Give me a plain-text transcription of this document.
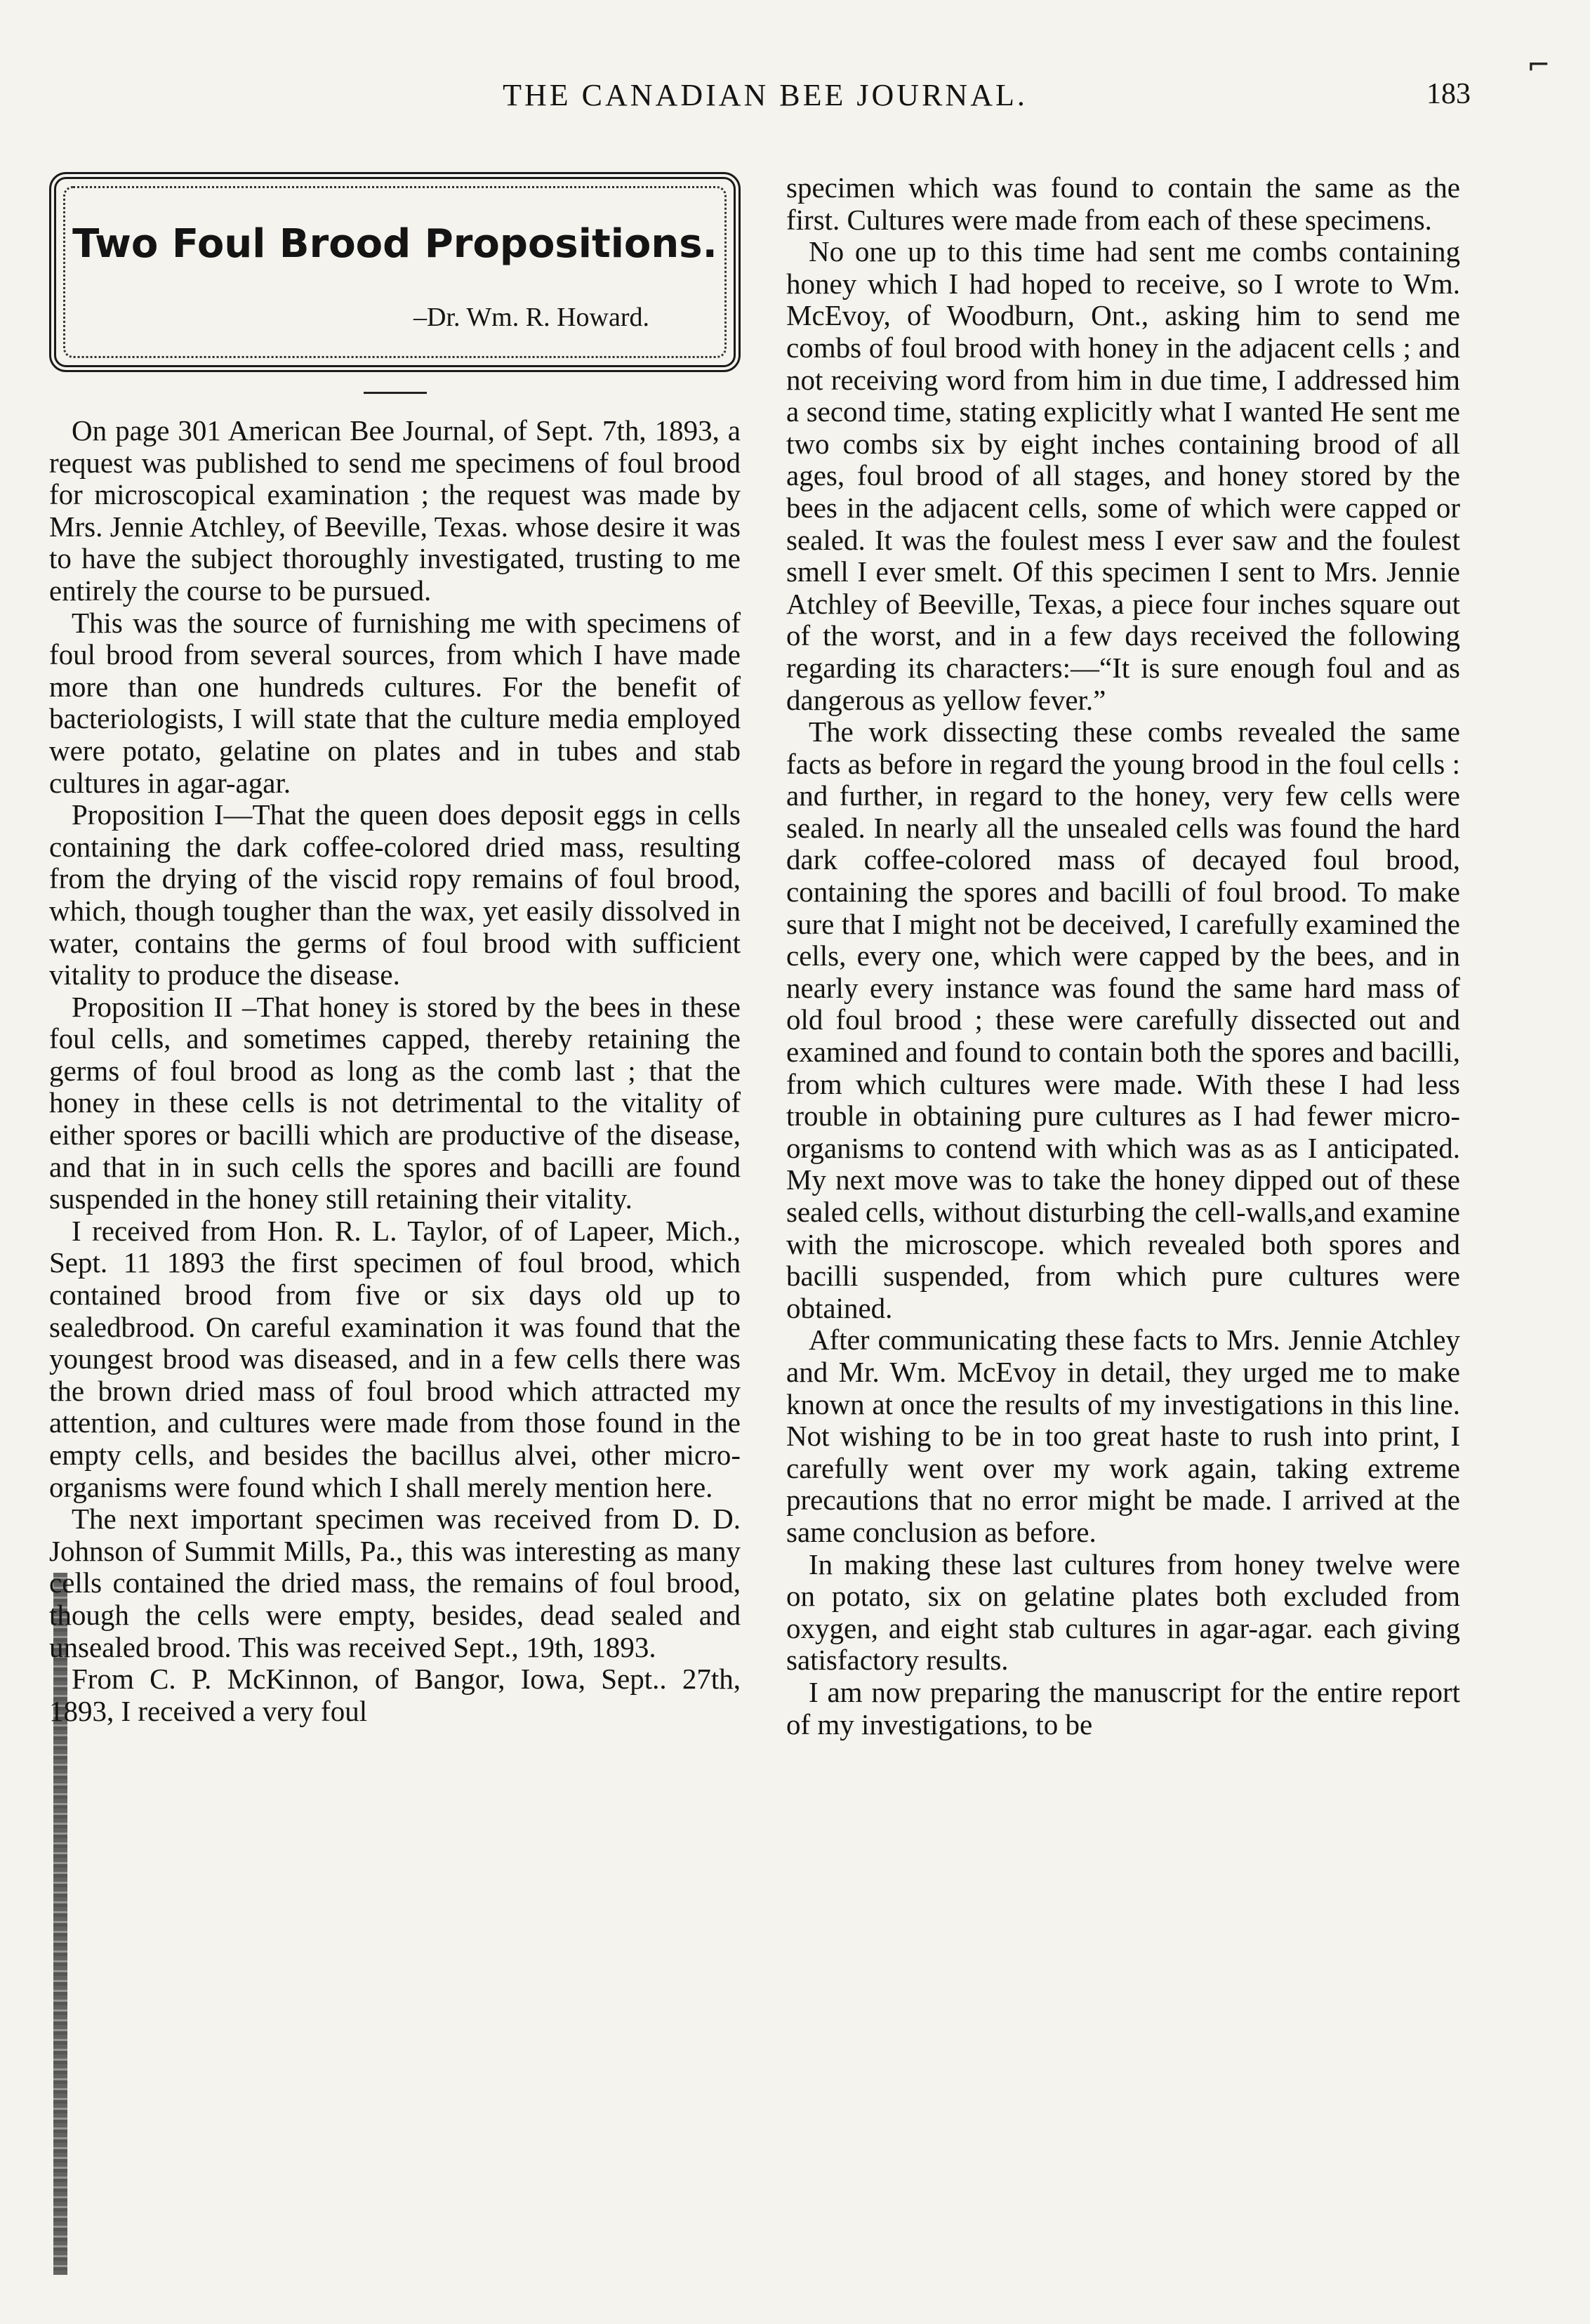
THE CANADIAN BEE JOURNAL.	183
⌐
Two Foul Brood Propositions.
–Dr. Wm. R. Howard.

On page 301 American Bee Journal, of Sept. 7th, 1893, a request was published to send me specimens of foul brood for microscopical examination ; the request was made by Mrs. Jennie Atchley, of Beeville, Texas. whose desire it was to have the subject thoroughly investigated, trusting to me entirely the course to be pursued.

This was the source of furnishing me with specimens of foul brood from several sources, from which I have made more than one hundreds cultures. For the benefit of bacteriologists, I will state that the culture media employed were potato, gelatine on plates and in tubes and stab cultures in agar-agar.

Proposition I—That the queen does deposit eggs in cells containing the dark coffee-colored dried mass, resulting from the drying of the viscid ropy remains of foul brood, which, though tougher than the wax, yet easily dissolved in water, contains the germs of foul brood with sufficient vitality to produce the disease.

Proposition II –That honey is stored by the bees in these foul cells, and sometimes capped, thereby retaining the germs of foul brood as long as the comb last ; that the honey in these cells is not detrimental to the vitality of either spores or bacilli which are productive of the disease, and that in in such cells the spores and bacilli are found suspended in the honey still retaining their vitality.

I received from Hon. R. L. Taylor, of of Lapeer, Mich., Sept. 11 1893 the first specimen of foul brood, which contained brood from five or six days old up to sealedbrood. On careful examination it was found that the youngest brood was diseased, and in a few cells there was the brown dried mass of foul brood which attracted my attention, and cultures were made from those found in the empty cells, and besides the bacillus alvei, other micro-organisms were found which I shall merely mention here.

The next important specimen was received from D. D. Johnson of Summit Mills, Pa., this was interesting as many cells contained the dried mass, the remains of foul brood, though the cells were empty, besides, dead sealed and unsealed brood. This was received Sept., 19th, 1893.

From C. P. McKinnon, of Bangor, Iowa, Sept.. 27th, 1893, I received a very foul

specimen which was found to contain the same as the first. Cultures were made from each of these specimens.

No one up to this time had sent me combs containing honey which I had hoped to receive, so I wrote to Wm. McEvoy, of Woodburn, Ont., asking him to send me combs of foul brood with honey in the adjacent cells ; and not receiving word from him in due time, I addressed him a second time, stating explicitly what I wanted He sent me two combs six by eight inches containing brood of all ages, foul brood of all stages, and honey stored by the bees in the adjacent cells, some of which were capped or sealed. It was the foulest mess I ever saw and the foulest smell I ever smelt. Of this specimen I sent to Mrs. Jennie Atchley of Beeville, Texas, a piece four inches square out of the worst, and in a few days received the following regarding its characters:—“It is sure enough foul and as dangerous as yellow fever.”

The work dissecting these combs revealed the same facts as before in regard the young brood in the foul cells : and further, in regard to the honey, very few cells were sealed. In nearly all the unsealed cells was found the hard dark coffee-colored mass of decayed foul brood, containing the spores and bacilli of foul brood. To make sure that I might not be deceived, I carefully examined the cells, every one, which were capped by the bees, and in nearly every instance was found the same hard mass of old foul brood ; these were carefully dissected out and examined and found to contain both the spores and bacilli, from which cultures were made. With these I had less trouble in obtaining pure cultures as I had fewer micro-organisms to contend with which was as as I anticipated. My next move was to take the honey dipped out of these sealed cells, without disturbing the cell-walls,and examine with the microscope. which revealed both spores and bacilli suspended, from which pure cultures were obtained.

After communicating these facts to Mrs. Jennie Atchley and Mr. Wm. McEvoy in detail, they urged me to make known at once the results of my investigations in this line. Not wishing to be in too great haste to rush into print, I carefully went over my work again, taking extreme precautions that no error might be made. I arrived at the same conclusion as before.

In making these last cultures from honey twelve were on potato, six on gelatine plates both excluded from oxygen, and eight stab cultures in agar-agar. each giving satisfactory results.

I am now preparing the manuscript for the entire report of my investigations, to be
